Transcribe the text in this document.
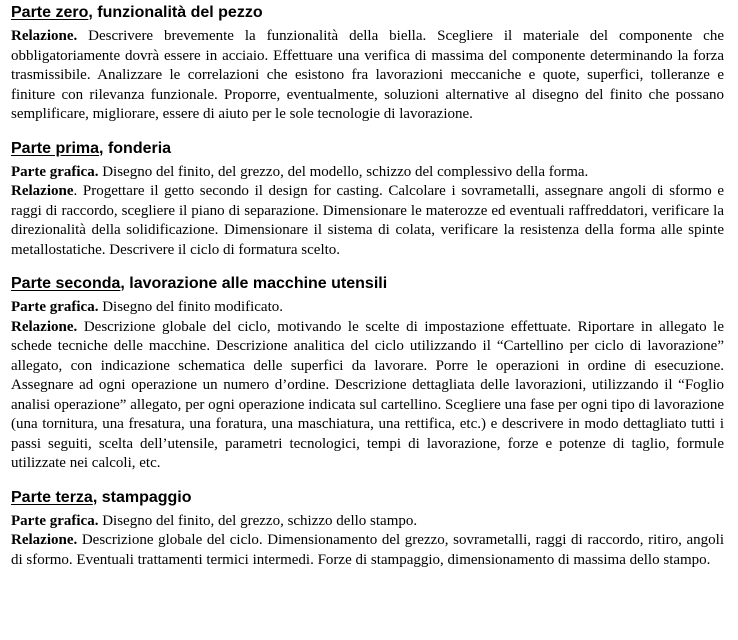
Parte zero, funzionalità del pezzo

Relazione. Descrivere brevemente la funzionalità della biella. Scegliere il materiale del componente che obbligatoriamente dovrà essere in acciaio. Effettuare una verifica di massima del componente determinando la forza trasmissibile. Analizzare le correlazioni che esistono fra lavorazioni meccaniche e quote, superfici, tolleranze e finiture con rilevanza funzionale. Proporre, eventualmente, soluzioni alternative al disegno del finito che possano semplificare, migliorare, essere di aiuto per le sole tecnologie di lavorazione.

Parte prima, fonderia

Parte grafica. Disegno del finito, del grezzo, del modello, schizzo del complessivo della forma.

Relazione. Progettare il getto secondo il design for casting. Calcolare i sovrametalli, assegnare angoli di sformo e raggi di raccordo, scegliere il piano di separazione. Dimensionare le materozze ed eventuali raffreddatori, verificare la direzionalità della solidificazione. Dimensionare il sistema di colata, verificare la resistenza della forma alle spinte metallostatiche. Descrivere il ciclo di formatura scelto.

Parte seconda, lavorazione alle macchine utensili

Parte grafica. Disegno del finito modificato.

Relazione. Descrizione globale del ciclo, motivando le scelte di impostazione effettuate. Riportare in allegato le schede tecniche delle macchine. Descrizione analitica del ciclo utilizzando il “Cartellino per ciclo di lavorazione” allegato, con indicazione schematica delle superfici da lavorare. Porre le operazioni in ordine di esecuzione. Assegnare ad ogni operazione un numero d’ordine. Descrizione dettagliata delle lavorazioni, utilizzando il “Foglio analisi operazione” allegato, per ogni operazione indicata sul cartellino. Scegliere una fase per ogni tipo di lavorazione (una tornitura, una fresatura, una foratura, una maschiatura, una rettifica, etc.) e descrivere in modo dettagliato tutti i passi seguiti, scelta dell’utensile, parametri tecnologici, tempi di lavorazione, forze e potenze di taglio, formule utilizzate nei calcoli, etc.

Parte terza, stampaggio

Parte grafica. Disegno del finito, del grezzo, schizzo dello stampo.

Relazione. Descrizione globale del ciclo. Dimensionamento del grezzo, sovrametalli, raggi di raccordo, ritiro, angoli di sformo. Eventuali trattamenti termici intermedi. Forze di stampaggio, dimensionamento di massima dello stampo.
